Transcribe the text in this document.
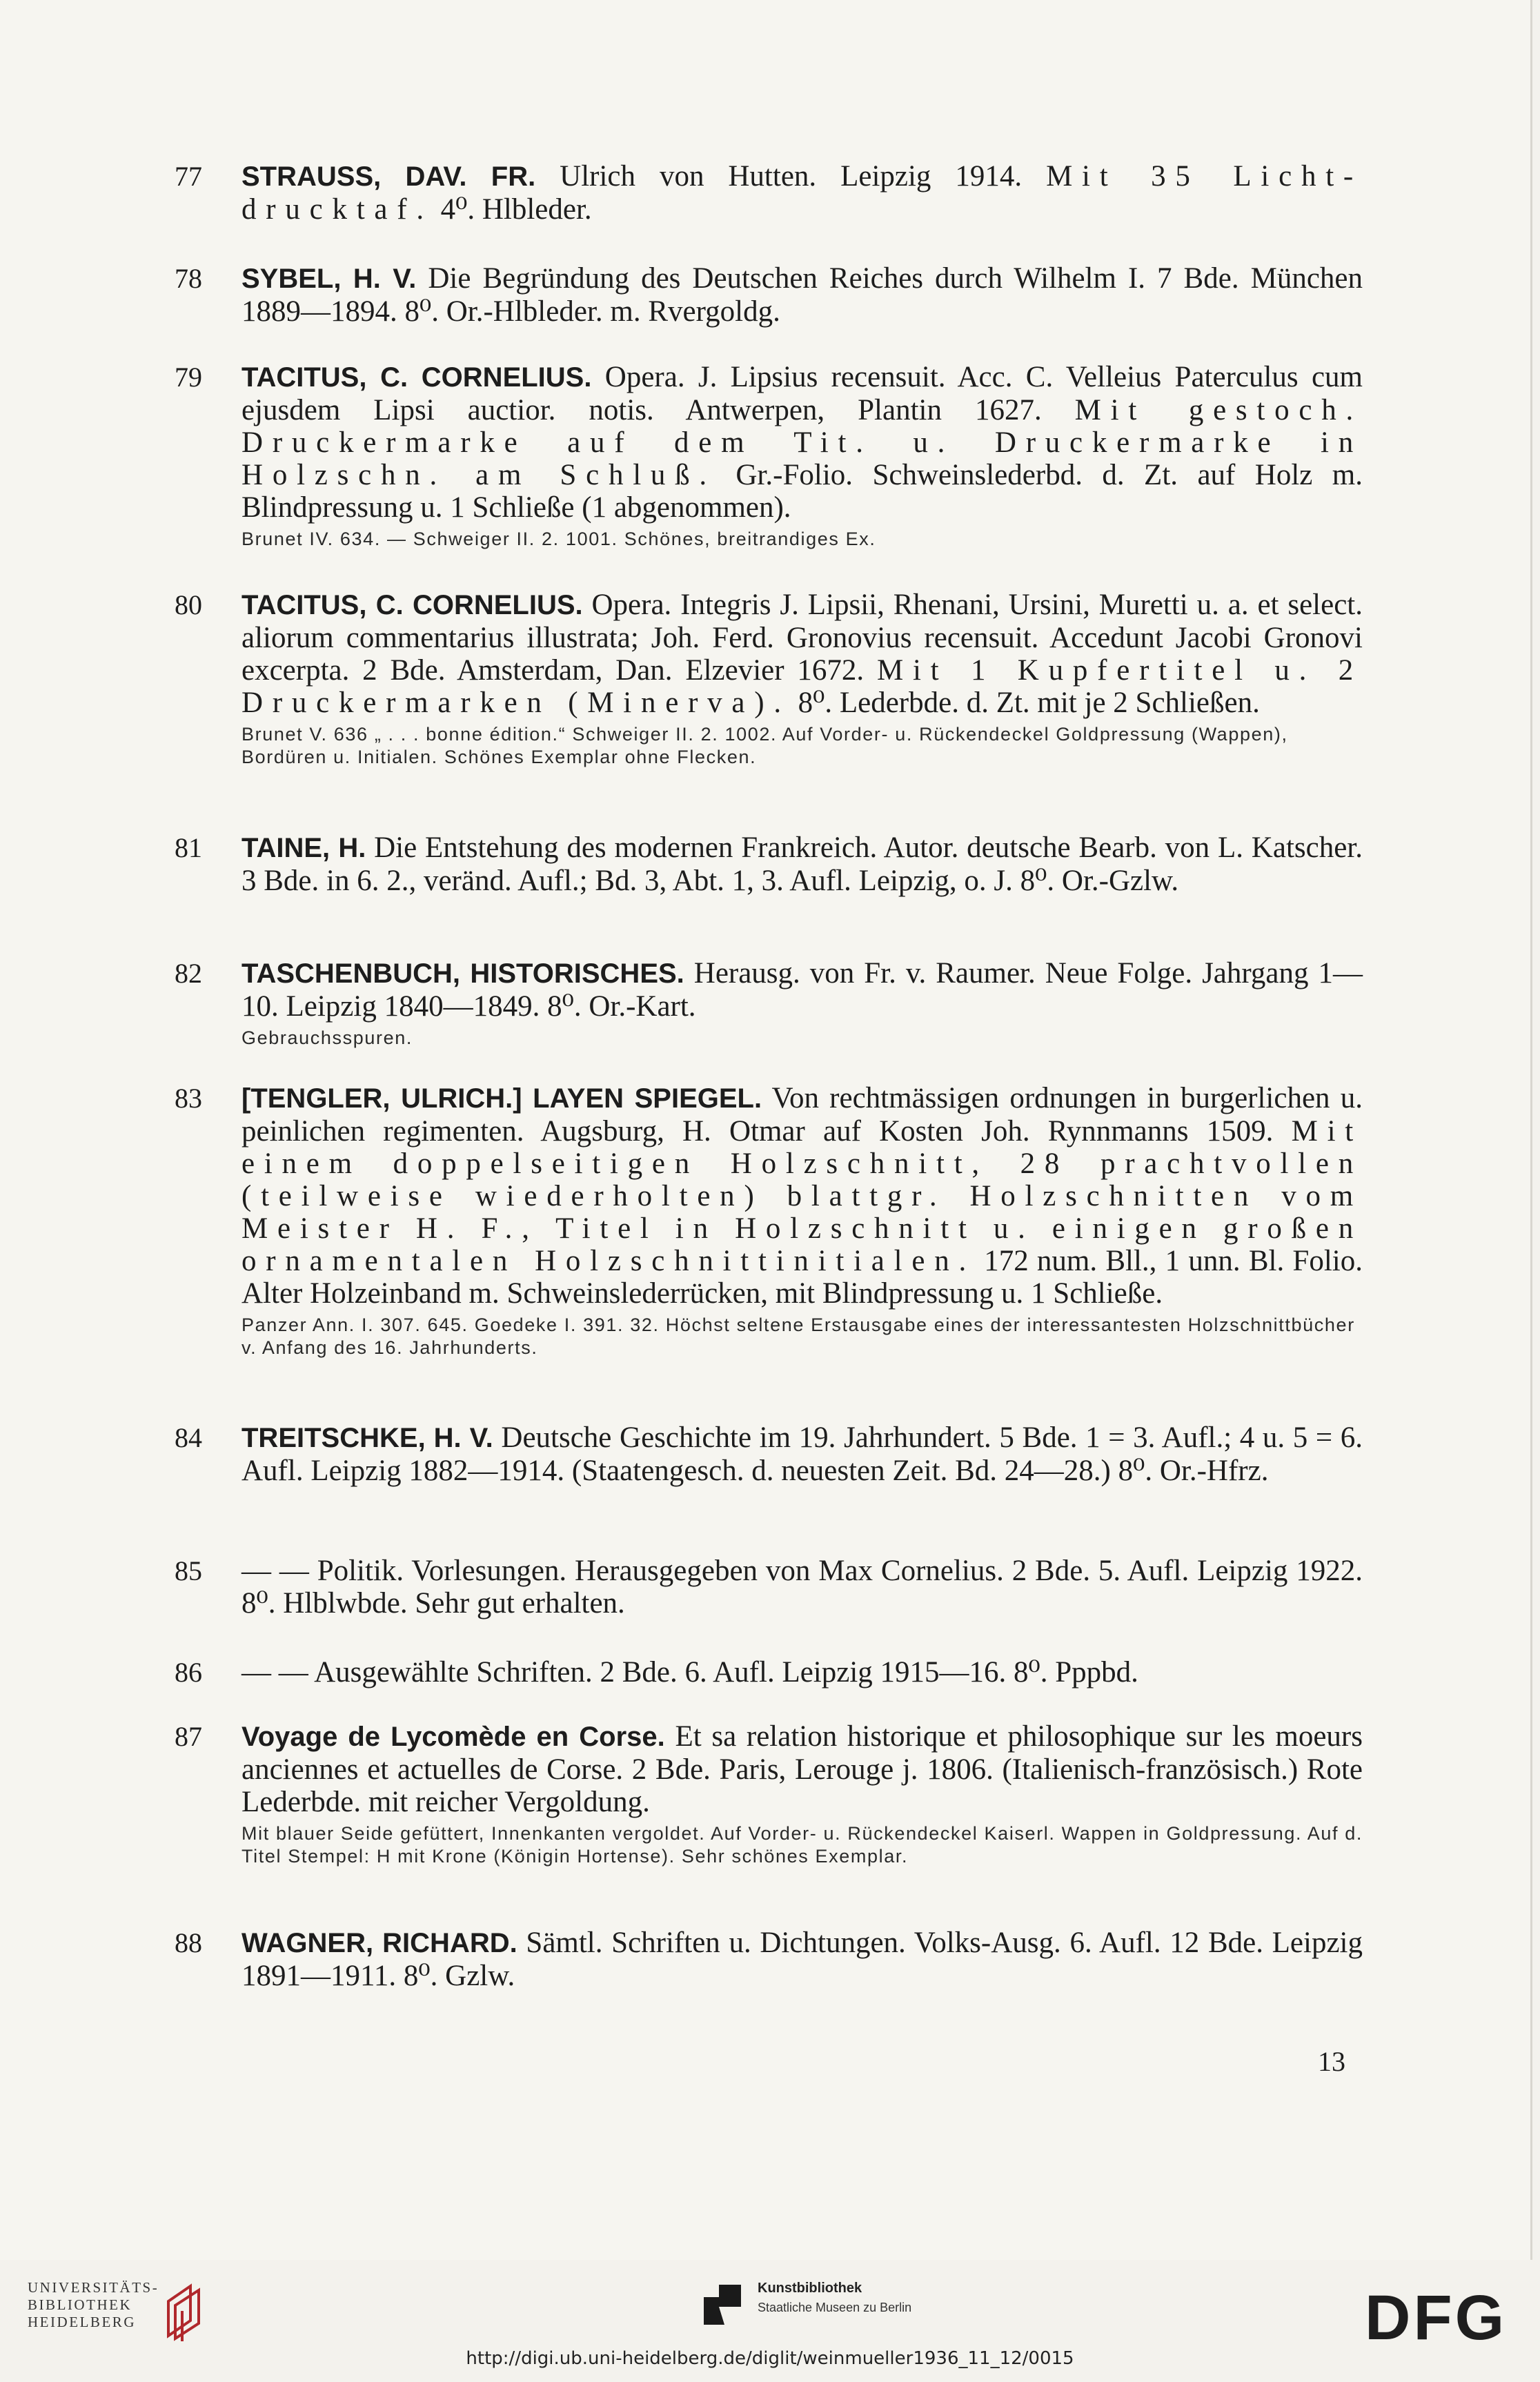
77 STRAUSS, DAV. FR. Ulrich von Hutten. Leipzig 1914. Mit 35 Licht-drucktaf. 4⁰. Hlbleder.
78 SYBEL, H. V. Die Begründung des Deutschen Reiches durch Wilhelm I. 7 Bde. München 1889—1894. 8⁰. Or.-Hlbleder. m. Rvergoldg.
79 TACITUS, C. CORNELIUS. Opera. J. Lipsius recensuit. Acc. C. Velleius Paterculus cum ejusdem Lipsi auctior. notis. Antwerpen, Plantin 1627. Mit gestoch. Druckermarke auf dem Tit. u. Druckermarke in Holzschn. am Schluß. Gr.-Folio. Schweinslederbd. d. Zt. auf Holz m. Blindpressung u. 1 Schließe (1 abgenommen).
Brunet IV. 634. — Schweiger II. 2. 1001. Schönes, breitrandiges Ex.
80 TACITUS, C. CORNELIUS. Opera. Integris J. Lipsii, Rhenani, Ursini, Muretti u. a. et select. aliorum commentarius illustrata; Joh. Ferd. Gronovius recensuit. Accedunt Jacobi Gronovi excerpta. 2 Bde. Amsterdam, Dan. Elzevier 1672. Mit 1 Kupfertitel u. 2 Druckermarken (Minerva). 8⁰. Lederbde. d. Zt. mit je 2 Schließen.
Brunet V. 636 „ . . . bonne édition.“ Schweiger II. 2. 1002. Auf Vorder- u. Rückendeckel Goldpressung (Wappen), Bordüren u. Initialen. Schönes Exemplar ohne Flecken.
81 TAINE, H. Die Entstehung des modernen Frankreich. Autor. deutsche Bearb. von L. Katscher. 3 Bde. in 6. 2., veränd. Aufl.; Bd. 3, Abt. 1, 3. Aufl. Leipzig, o. J. 8⁰. Or.-Gzlw.
82 TASCHENBUCH, HISTORISCHES. Herausg. von Fr. v. Raumer. Neue Folge. Jahrgang 1—10. Leipzig 1840—1849. 8⁰. Or.-Kart.
Gebrauchsspuren.
83 [TENGLER, ULRICH.] LAYEN SPIEGEL. Von rechtmässigen ordnungen in burgerlichen u. peinlichen regimenten. Augsburg, H. Otmar auf Kosten Joh. Rynnmanns 1509. Mit einem doppelseitigen Holzschnitt, 28 prachtvollen (teilweise wiederholten) blattgr. Holzschnitten vom Meister H. F., Titel in Holzschnitt u. einigen großen ornamentalen Holzschnittinitialen. 172 num. Bll., 1 unn. Bl. Folio. Alter Holzeinband m. Schweinslederrücken, mit Blindpressung u. 1 Schließe.
Panzer Ann. I. 307. 645. Goedeke I. 391. 32. Höchst seltene Erstausgabe eines der interessantesten Holzschnittbücher v. Anfang des 16. Jahrhunderts.
84 TREITSCHKE, H. V. Deutsche Geschichte im 19. Jahrhundert. 5 Bde. 1 = 3. Aufl.; 4 u. 5 = 6. Aufl. Leipzig 1882—1914. (Staatengesch. d. neuesten Zeit. Bd. 24—28.) 8⁰. Or.-Hfrz.
85 — — Politik. Vorlesungen. Herausgegeben von Max Cornelius. 2 Bde. 5. Aufl. Leipzig 1922. 8⁰. Hlblwbde. Sehr gut erhalten.
86 — — Ausgewählte Schriften. 2 Bde. 6. Aufl. Leipzig 1915—16. 8⁰. Pppbd.
87 Voyage de Lycomède en Corse. Et sa relation historique et philosophique sur les moeurs anciennes et actuelles de Corse. 2 Bde. Paris, Lerouge j. 1806. (Italienisch-französisch.) Rote Lederbde. mit reicher Vergoldung.
Mit blauer Seide gefüttert, Innenkanten vergoldet. Auf Vorder- u. Rückendeckel Kaiserl. Wappen in Goldpressung. Auf d. Titel Stempel: H mit Krone (Königin Hortense). Sehr schönes Exemplar.
88 WAGNER, RICHARD. Sämtl. Schriften u. Dichtungen. Volks-Ausg. 6. Aufl. 12 Bde. Leipzig 1891—1911. 8⁰. Gzlw.
13
UNIVERSITÄTS-
BIBLIOTHEK
HEIDELBERG
Kunstbibliothek
Staatliche Museen zu Berlin	DFG
http://digi.ub.uni-heidelberg.de/diglit/weinmueller1936_11_12/0015
